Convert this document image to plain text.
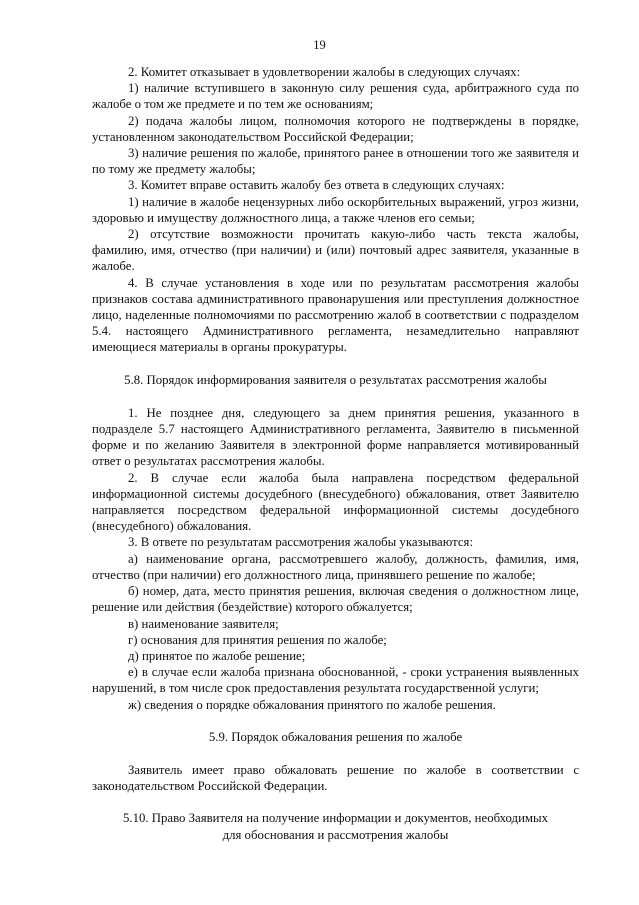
19

2. Комитет отказывает в удовлетворении жалобы в следующих случаях:

1) наличие вступившего в законную силу решения суда, арбитражного суда по жалобе о том же предмете и по тем же основаниям;

2) подача жалобы лицом, полномочия которого не подтверждены в порядке, установленном законодательством Российской Федерации;

3) наличие решения по жалобе, принятого ранее в отношении того же заявителя и по тому же предмету жалобы;

3. Комитет вправе оставить жалобу без ответа в следующих случаях:

1) наличие в жалобе нецензурных либо оскорбительных выражений, угроз жизни, здоровью и имуществу должностного лица, а также членов его семьи;

2) отсутствие возможности прочитать какую-либо часть текста жалобы, фамилию, имя, отчество (при наличии) и (или) почтовый адрес заявителя, указанные в жалобе.

4. В случае установления в ходе или по результатам рассмотрения жалобы признаков состава административного правонарушения или преступления должностное лицо, наделенные полномочиями по рассмотрению жалоб в соответствии с подразделом 5.4. настоящего Административного регламента, незамедлительно направляют имеющиеся материалы в органы прокуратуры.

5.8. Порядок информирования заявителя о результатах рассмотрения жалобы

1. Не позднее дня, следующего за днем принятия решения, указанного в подразделе 5.7 настоящего Административного регламента, Заявителю в письменной форме и по желанию Заявителя в электронной форме направляется мотивированный ответ о результатах рассмотрения жалобы.

2. В случае если жалоба была направлена посредством федеральной информационной системы досудебного (внесудебного) обжалования, ответ Заявителю направляется посредством федеральной информационной системы досудебного (внесудебного) обжалования.

3. В ответе по результатам рассмотрения жалобы указываются:

а) наименование органа, рассмотревшего жалобу, должность, фамилия, имя, отчество (при наличии) его должностного лица, принявшего решение по жалобе;

б) номер, дата, место принятия решения, включая сведения о должностном лице, решение или действия (бездействие) которого обжалуется;

в) наименование заявителя;

г) основания для принятия решения по жалобе;

д) принятое по жалобе решение;

е) в случае если жалоба признана обоснованной, - сроки устранения выявленных нарушений, в том числе срок предоставления результата государственной услуги;

ж) сведения о порядке обжалования принятого по жалобе решения.

5.9. Порядок обжалования решения по жалобе

Заявитель имеет право обжаловать решение по жалобе в соответствии с законодательством Российской Федерации.

5.10. Право Заявителя на получение информации и документов, необходимых

для обоснования и рассмотрения жалобы
